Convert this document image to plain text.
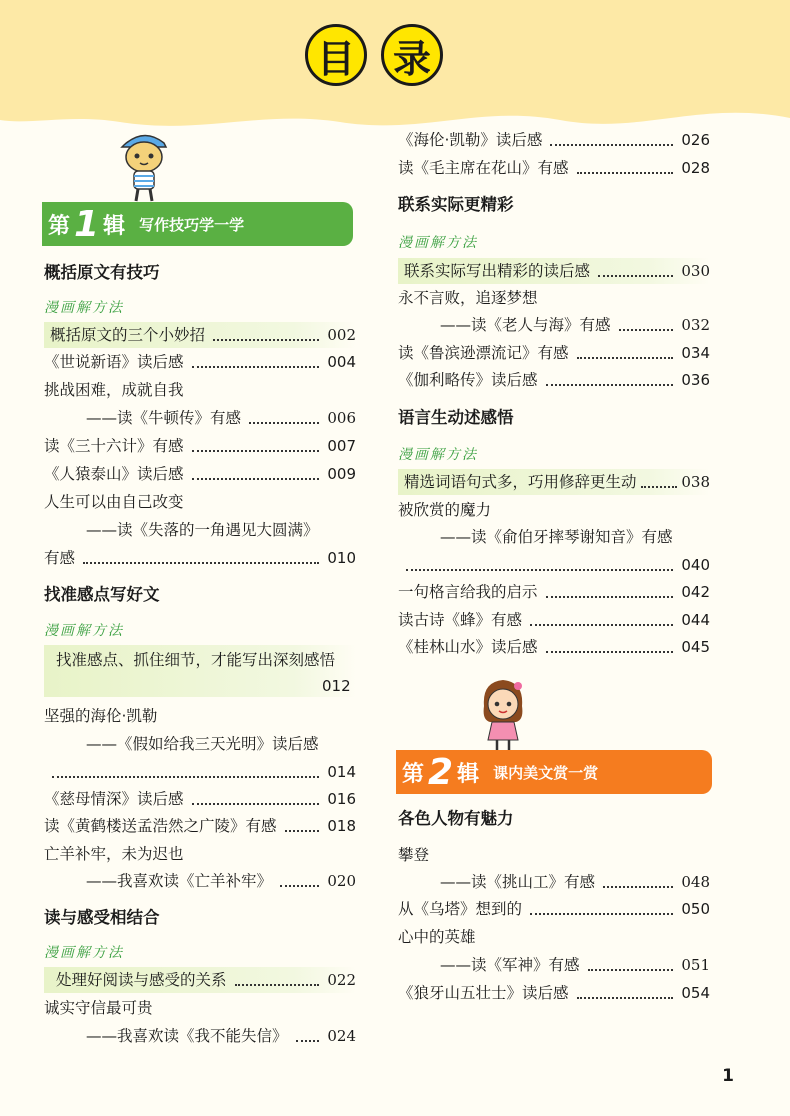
目 录
第 1 辑 写作技巧学一学
概括原文有技巧
漫画解方法
概括原文的三个小妙招	002
《世说新语》读后感	004
挑战困难，成就自我
——读《牛顿传》有感	006
读《三十六计》有感	007
《人猿泰山》读后感	009
人生可以由自己改变
——读《失落的一角遇见大圆满》
有感	010
找准感点写好文
漫画解方法
找准感点、抓住细节，才能写出深刻感悟
012
坚强的海伦·凯勒
——《假如给我三天光明》读后感
014
《慈母情深》读后感	016
读《黄鹤楼送孟浩然之广陵》有感	018
亡羊补牢，未为迟也
——我喜欢读《亡羊补牢》	020
读与感受相结合
漫画解方法
处理好阅读与感受的关系	022
诚实守信最可贵
——我喜欢读《我不能失信》	024
《海伦·凯勒》读后感	026
读《毛主席在花山》有感	028
联系实际更精彩
漫画解方法
联系实际写出精彩的读后感	030
永不言败，追逐梦想
——读《老人与海》有感	032
读《鲁滨逊漂流记》有感	034
《伽利略传》读后感	036
语言生动述感悟
漫画解方法
精选词语句式多，巧用修辞更生动	038
被欣赏的魔力
——读《俞伯牙摔琴谢知音》有感
040
一句格言给我的启示	042
读古诗《蜂》有感	044
《桂林山水》读后感	045
第 2 辑 课内美文赏一赏
各色人物有魅力
攀登
——读《挑山工》有感	048
从《乌塔》想到的	050
心中的英雄
——读《军神》有感	051
《狼牙山五壮士》读后感	054
1
